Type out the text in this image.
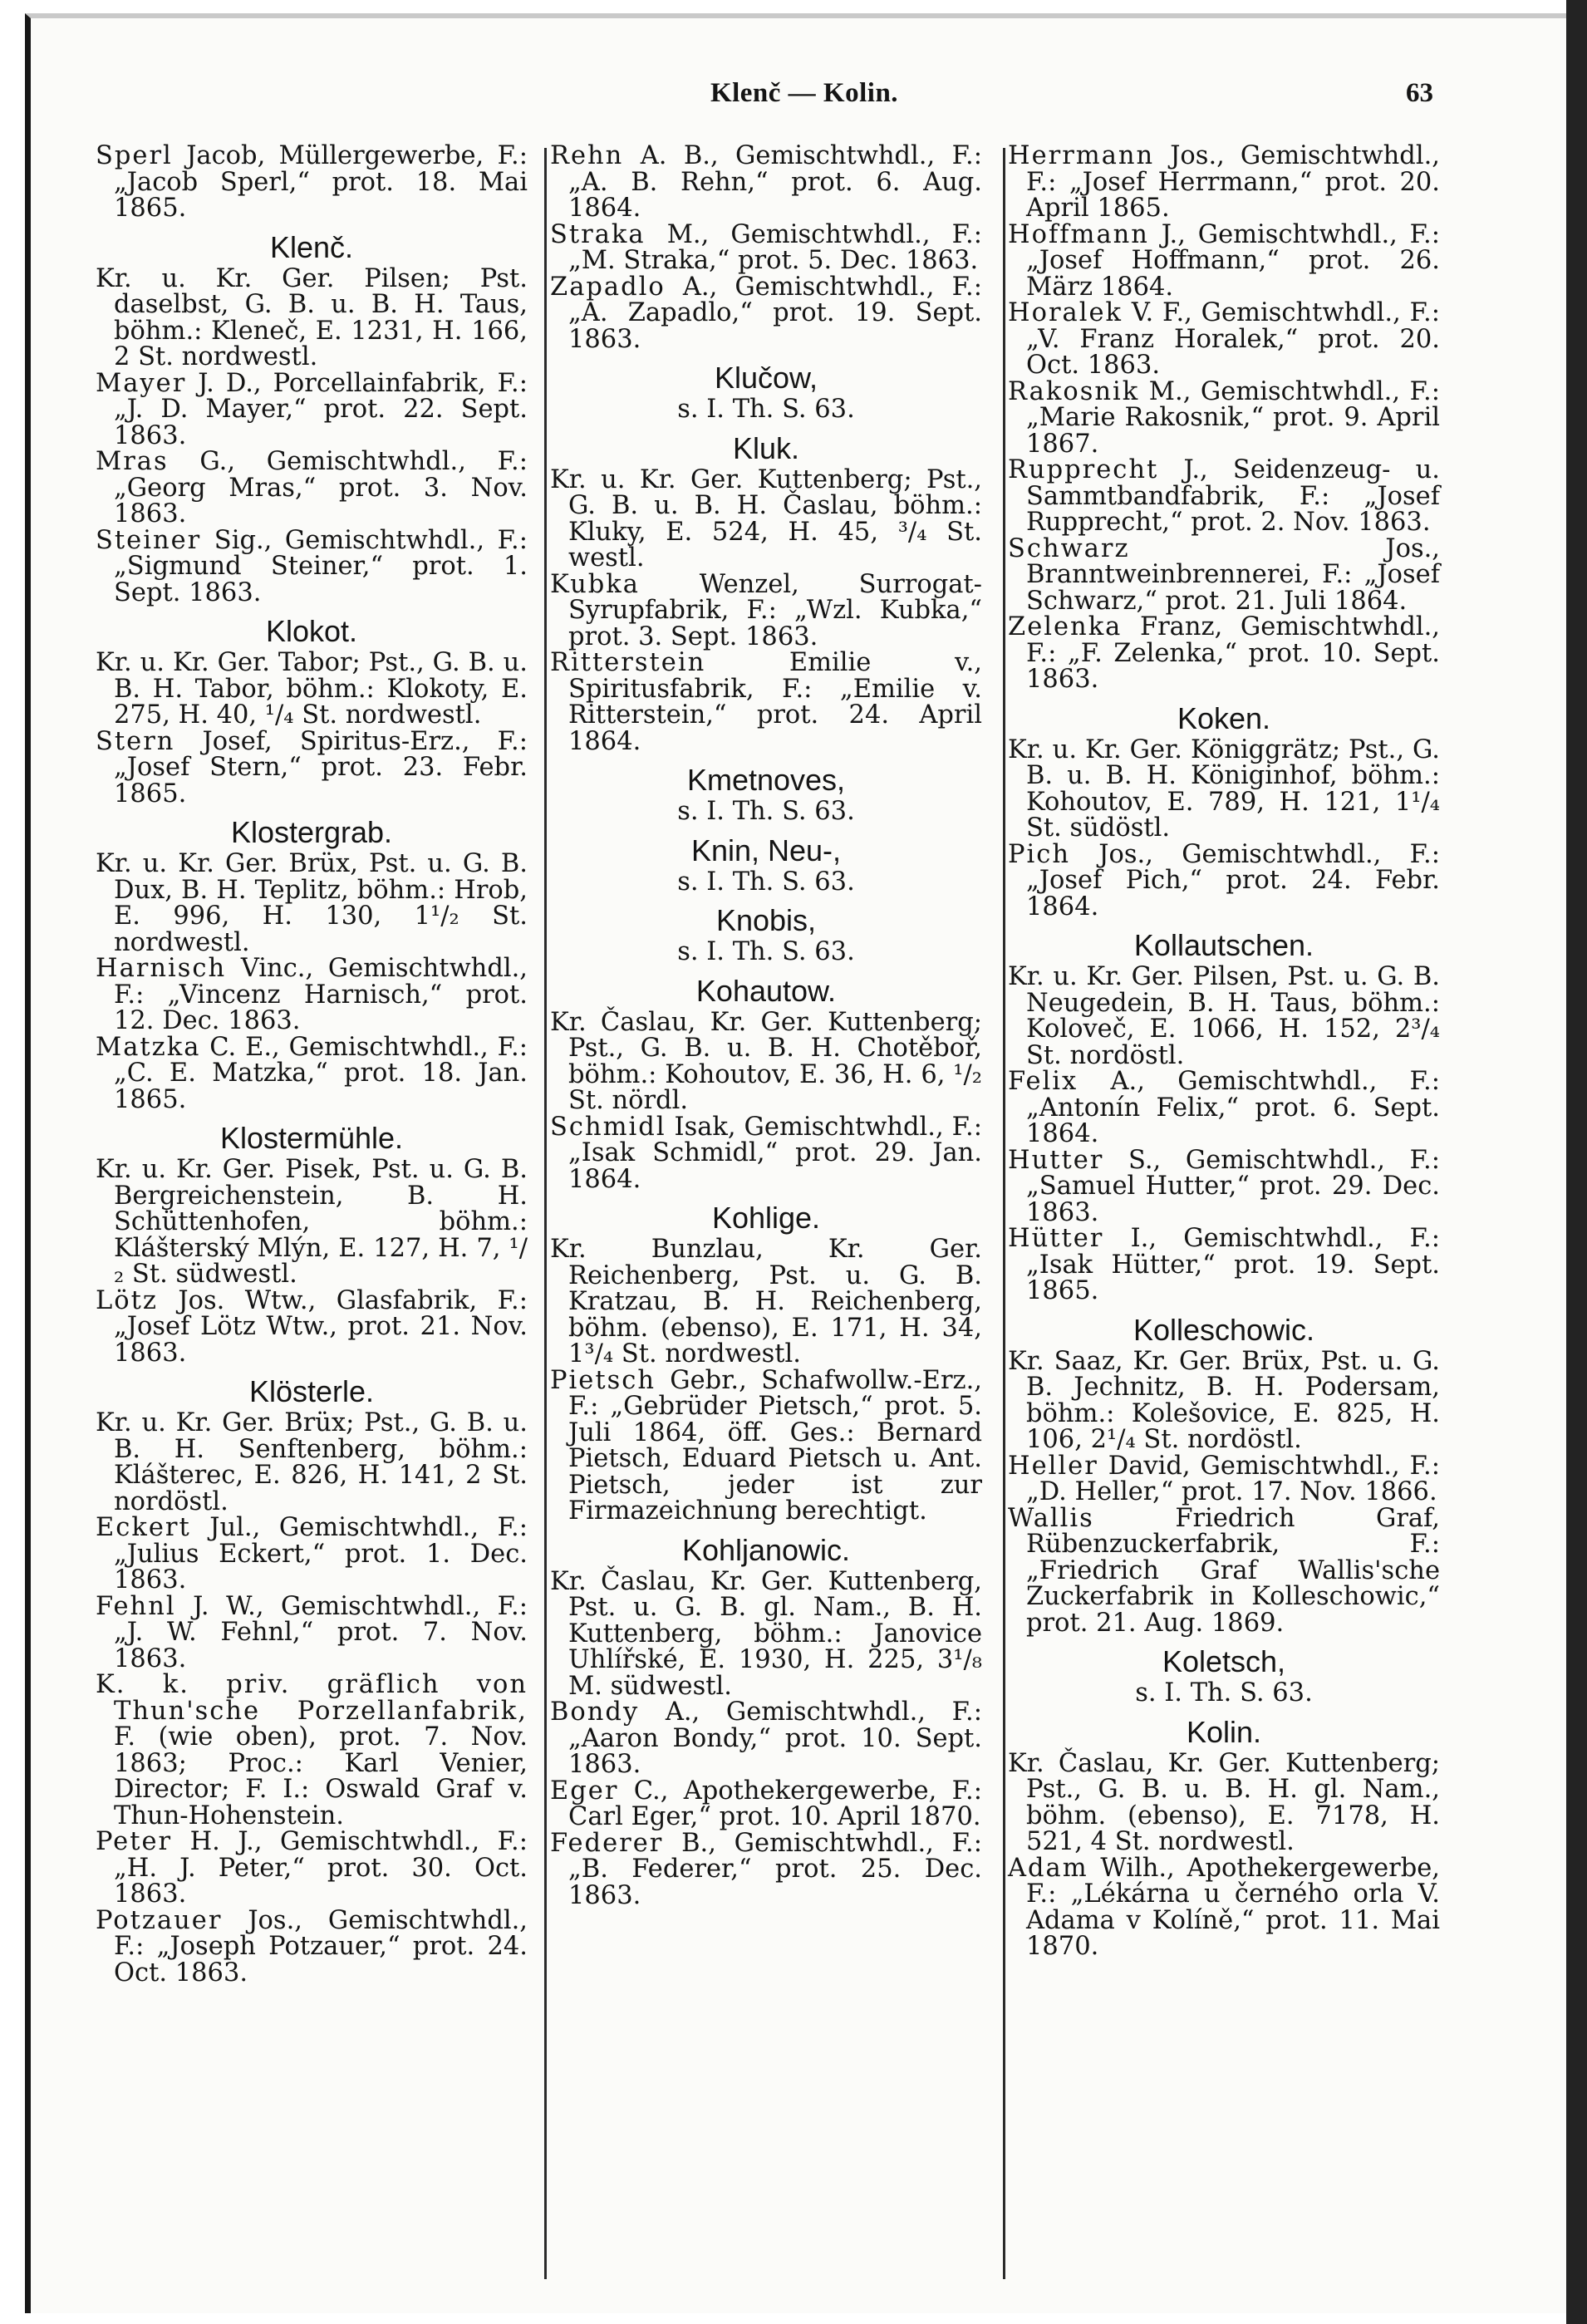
Klenč — Kolin.	63
Sperl Jacob, Müllergewerbe, F.: „Jacob Sperl,“ prot. 18. Mai 1865.
Klenč.
Kr. u. Kr. Ger. Pilsen; Pst. daselbst, G. B. u. B. H. Taus, böhm.: Kleneč, E. 1231, H. 166, 2 St. nordwestl.
Mayer J. D., Porcellainfabrik, F.: „J. D. Mayer,“ prot. 22. Sept. 1863.
Mras G., Gemischtwhdl., F.: „Georg Mras,“ prot. 3. Nov. 1863.
Steiner Sig., Gemischtwhdl., F.: „Sigmund Steiner,“ prot. 1. Sept. 1863.
Klokot.
Kr. u. Kr. Ger. Tabor; Pst., G. B. u. B. H. Tabor, böhm.: Klokoty, E. 275, H. 40, ¹/₄ St. nordwestl.
Stern Josef, Spiritus-Erz., F.: „Josef Stern,“ prot. 23. Febr. 1865.
Klostergrab.
Kr. u. Kr. Ger. Brüx, Pst. u. G. B. Dux, B. H. Teplitz, böhm.: Hrob, E. 996, H. 130, 1¹/₂ St. nordwestl.
Harnisch Vinc., Gemischtwhdl., F.: „Vincenz Harnisch,“ prot. 12. Dec. 1863.
Matzka C. E., Gemischtwhdl., F.: „C. E. Matzka,“ prot. 18. Jan. 1865.
Klostermühle.
Kr. u. Kr. Ger. Pisek, Pst. u. G. B. Bergreichenstein, B. H. Schüttenhofen, böhm.: Klášterský Mlýn, E. 127, H. 7, ¹/₂ St. südwestl.
Lötz Jos. Wtw., Glasfabrik, F.: „Josef Lötz Wtw., prot. 21. Nov. 1863.
Klösterle.
Kr. u. Kr. Ger. Brüx; Pst., G. B. u. B. H. Senftenberg, böhm.: Klášterec, E. 826, H. 141, 2 St. nordöstl.
Eckert Jul., Gemischtwhdl., F.: „Julius Eckert,“ prot. 1. Dec. 1863.
Fehnl J. W., Gemischtwhdl., F.: „J. W. Fehnl,“ prot. 7. Nov. 1863.
K. k. priv. gräflich von Thun'sche Porzellanfabrik, F. (wie oben), prot. 7. Nov. 1863; Proc.: Karl Venier, Director; F. I.: Oswald Graf v. Thun-Hohenstein.
Peter H. J., Gemischtwhdl., F.: „H. J. Peter,“ prot. 30. Oct. 1863.
Potzauer Jos., Gemischtwhdl., F.: „Joseph Potzauer,“ prot. 24. Oct. 1863.
Rehn A. B., Gemischtwhdl., F.: „A. B. Rehn,“ prot. 6. Aug. 1864.
Straka M., Gemischtwhdl., F.: „M. Straka,“ prot. 5. Dec. 1863.
Zapadlo A., Gemischtwhdl., F.: „A. Zapadlo,“ prot. 19. Sept. 1863.
Klučow,
s. I. Th. S. 63.
Kluk.
Kr. u. Kr. Ger. Kuttenberg; Pst., G. B. u. B. H. Časlau, böhm.: Kluky, E. 524, H. 45, ³/₄ St. westl.
Kubka Wenzel, Surrogat-Syrupfabrik, F.: „Wzl. Kubka,“ prot. 3. Sept. 1863.
Ritterstein	Emilie v., Spiritusfabrik, F.: „Emilie v. Ritterstein,“ prot. 24. April 1864.
Kmetnoves,
s. I. Th. S. 63.
Knin, Neu-,
s. I. Th. S. 63.
Knobis,
s. I. Th. S. 63.
Kohautow.
Kr. Časlau, Kr. Ger. Kuttenberg; Pst., G. B. u. B. H. Chotěboř, böhm.: Kohoutov, E. 36, H. 6, ¹/₂ St. nördl.
Schmidl Isak, Gemischtwhdl., F.: „Isak Schmidl,“ prot. 29. Jan. 1864.
Kohlige.
Kr. Bunzlau, Kr. Ger. Reichenberg, Pst. u. G. B. Kratzau, B. H. Reichenberg, böhm. (ebenso), E. 171, H. 34, 1³/₄ St. nordwestl.
Pietsch Gebr., Schafwollw.-Erz., F.: „Gebrüder Pietsch,“ prot. 5. Juli 1864, öff. Ges.: Bernard Pietsch, Eduard Pietsch u. Ant. Pietsch, jeder ist zur Firmazeichnung berechtigt.
Kohljanowic.
Kr. Časlau, Kr. Ger. Kuttenberg, Pst. u. G. B. gl. Nam., B. H. Kuttenberg, böhm.: Janovice Uhlířské, E. 1930, H. 225, 3¹/₈ M. südwestl.
Bondy A., Gemischtwhdl., F.: „Aaron Bondy,“ prot. 10. Sept. 1863.
Eger C., Apothekergewerbe, F.: Carl Eger,“ prot. 10. April 1870.
Federer B., Gemischtwhdl., F.: „B. Federer,“ prot. 25. Dec. 1863.
Herrmann Jos., Gemischtwhdl., F.: „Josef Herrmann,“ prot. 20. April 1865.
Hoffmann J., Gemischtwhdl., F.: „Josef Hoffmann,“ prot. 26. März 1864.
Horalek V. F., Gemischtwhdl., F.: „V. Franz Horalek,“ prot. 20. Oct. 1863.
Rakosnik M., Gemischtwhdl., F.: „Marie Rakosnik,“ prot. 9. April 1867.
Rupprecht J., Seidenzeug- u. Sammtbandfabrik, F.: „Josef Rupprecht,“ prot. 2. Nov. 1863.
Schwarz	Jos., Branntweinbrennerei, F.: „Josef Schwarz,“ prot. 21. Juli 1864.
Zelenka Franz, Gemischtwhdl., F.: „F. Zelenka,“ prot. 10. Sept. 1863.
Koken.
Kr. u. Kr. Ger. Königgrätz; Pst., G. B. u. B. H. Königinhof, böhm.: Kohoutov, E. 789, H. 121, 1¹/₄ St. südöstl.
Pich Jos., Gemischtwhdl., F.: „Josef Pich,“ prot. 24. Febr. 1864.
Kollautschen.
Kr. u. Kr. Ger. Pilsen, Pst. u. G. B. Neugedein, B. H. Taus, böhm.: Koloveč, E. 1066, H. 152, 2³/₄ St. nordöstl.
Felix A., Gemischtwhdl., F.: „Antonín Felix,“ prot. 6. Sept. 1864.
Hutter S., Gemischtwhdl., F.: „Samuel Hutter,“ prot. 29. Dec. 1863.
Hütter I., Gemischtwhdl., F.: „Isak Hütter,“ prot. 19. Sept. 1865.
Kolleschowic.
Kr. Saaz, Kr. Ger. Brüx, Pst. u. G. B. Jechnitz, B. H. Podersam, böhm.: Kolešovice, E. 825, H. 106, 2¹/₄ St. nordöstl.
Heller David, Gemischtwhdl., F.: „D. Heller,“ prot. 17. Nov. 1866.
Wallis	Friedrich Graf, Rübenzuckerfabrik, F.: „Friedrich Graf Wallis'sche Zuckerfabrik in Kolleschowic,“ prot. 21. Aug. 1869.
Koletsch,
s. I. Th. S. 63.
Kolin.
Kr. Časlau, Kr. Ger. Kuttenberg; Pst., G. B. u. B. H. gl. Nam., böhm. (ebenso), E. 7178, H. 521, 4 St. nordwestl.
Adam Wilh., Apothekergewerbe, F.: „Lékárna u černého orla V. Adama v Kolíně,“ prot. 11. Mai 1870.
